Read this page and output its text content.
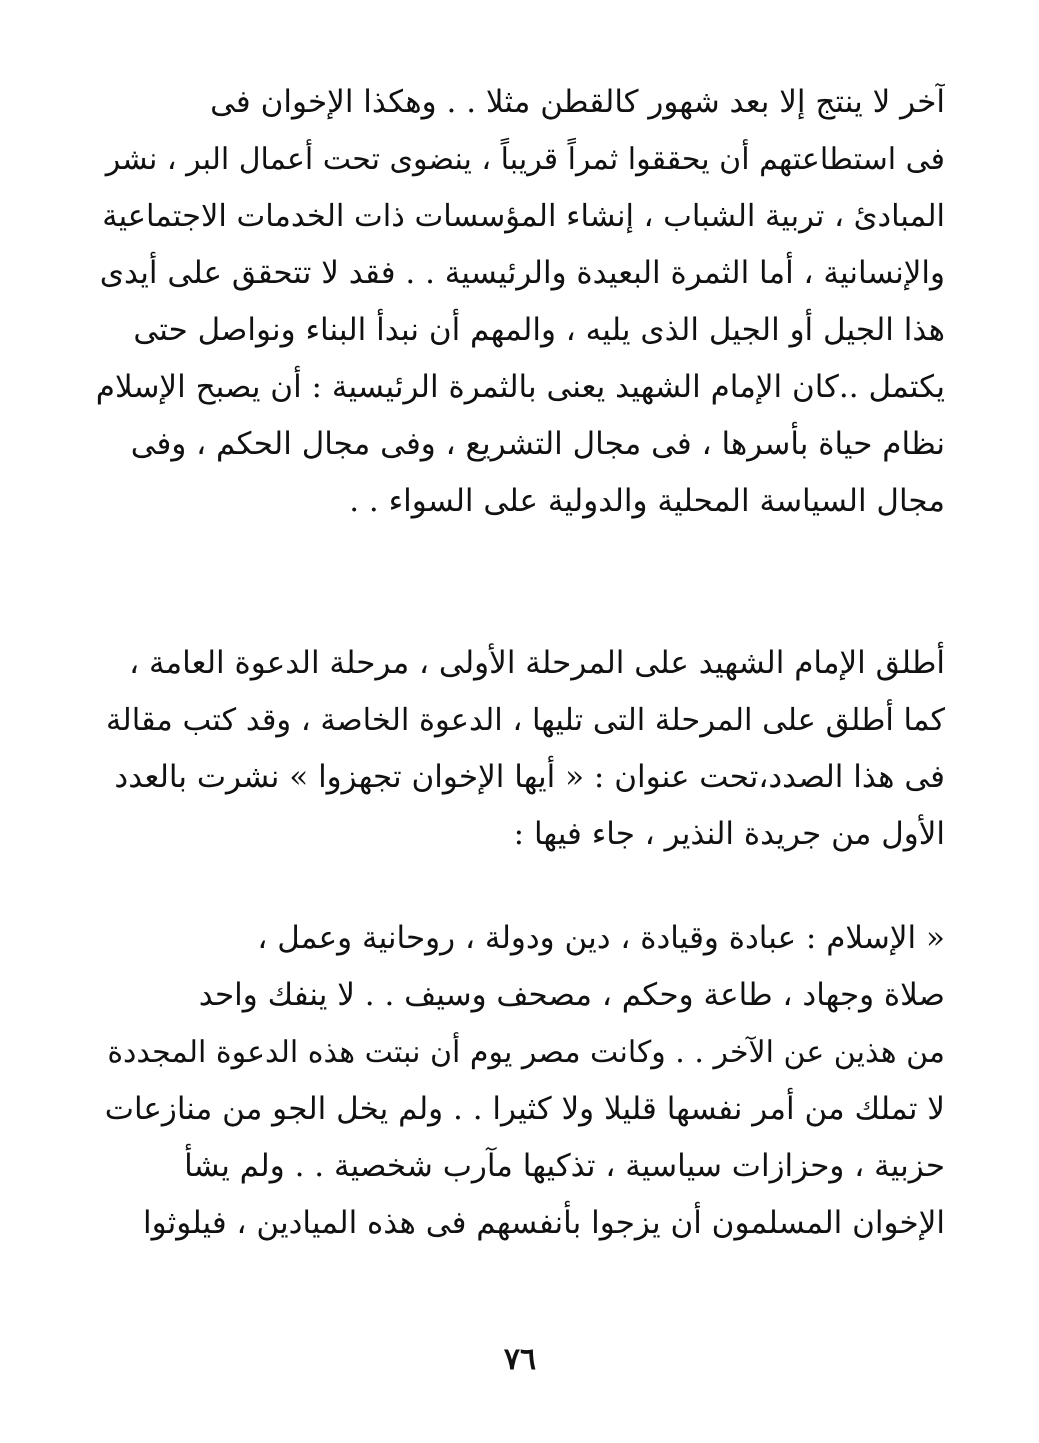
آخر لا ينتج إلا بعد شهور كالقطن مثلا . . وهكذا الإخوان فى
فى استطاعتهم أن يحققوا ثمراً قريباً ، ينضوى تحت أعمال البر ، نشر
المبادئ ، تربية الشباب ، إنشاء المؤسسات ذات الخدمات الاجتماعية
والإنسانية ، أما الثمرة البعيدة والرئيسية . . فقد لا تتحقق على أيدى
هذا الجيل أو الجيل الذى يليه ، والمهم أن نبدأ البناء ونواصل حتى
يكتمل ..كان الإمام الشهيد يعنى بالثمرة الرئيسية : أن يصبح الإسلام
نظام حياة بأسرها ، فى مجال التشريع ، وفى مجال الحكم ، وفى
مجال السياسة المحلية والدولية على السواء . .
أطلق الإمام الشهيد على المرحلة الأولى ، مرحلة الدعوة العامة ،
كما أطلق على المرحلة التى تليها ، الدعوة الخاصة ، وقد كتب مقالة
فى هذا الصدد،تحت عنوان : « أيها الإخوان تجهزوا » نشرت بالعدد
الأول من جريدة النذير ، جاء فيها :
« الإسلام : عبادة وقيادة ، دين ودولة ، روحانية وعمل ،
صلاة وجهاد ، طاعة وحكم ، مصحف وسيف . . لا ينفك واحد
من هذين عن الآخر . . وكانت مصر يوم أن نبتت هذه الدعوة المجددة
لا تملك من أمر نفسها قليلا ولا كثيرا . . ولم يخل الجو من منازعات
حزبية ، وحزازات سياسية ، تذكيها مآرب شخصية . . ولم يشأ
الإخوان المسلمون أن يزجوا بأنفسهم فى هذه الميادين ، فيلوثوا
٧٦
